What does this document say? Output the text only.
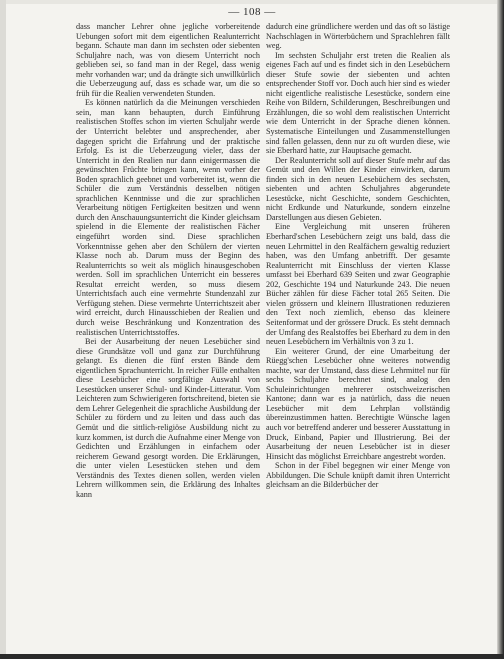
— 108 —

dass mancher Lehrer ohne jegliche vorbereitende Uebungen sofort mit dem eigentlichen Realunterricht begann. Schaute man dann im sechsten oder siebenten Schuljahre nach, was von diesem Unterricht noch geblieben sei, so fand man in der Regel, dass wenig mehr vorhanden war; und da drängte sich unwillkürlich die Ueberzeugung auf, dass es schade war, um die so früh für die Realien verwendeten Stunden.

Es können natürlich da die Meinungen verschieden sein, man kann behaupten, durch Einführung realistischen Stoffes schon im vierten Schuljahr werde der Unterricht belebter und ansprechender, aber dagegen spricht die Erfahrung und der praktische Erfolg. Es ist die Ueberzeugung vieler, dass der Unterricht in den Realien nur dann einigermassen die gewünschten Früchte bringen kann, wenn vorher der Boden sprachlich geebnet und vorbereitet ist, wenn die Schüler die zum Verständnis desselben nötigen sprachlichen Kenntnisse und die zur sprachlichen Verarbeitung nötigen Fertigkeiten besitzen und wenn durch den Anschauungsunterricht die Kinder gleichsam spielend in die Elemente der realistischen Fächer eingeführt worden sind. Diese sprachlichen Vorkenntnisse gehen aber den Schülern der vierten Klasse noch ab. Darum muss der Beginn des Realunterrichts so weit als möglich hinausgeschoben werden. Soll im sprachlichen Unterricht ein besseres Resultat erreicht werden, so muss diesem Unterrichtsfach auch eine vermehrte Stundenzahl zur Verfügung stehen. Diese vermehrte Unterrichtszeit aber wird erreicht, durch Hinausschieben der Realien und durch weise Beschränkung und Konzentration des realistischen Unterrichtsstoffes.

Bei der Ausarbeitung der neuen Lesebücher sind diese Grundsätze voll und ganz zur Durchführung gelangt. Es dienen die fünf ersten Bände dem eigentlichen Sprachunterricht. In reicher Fülle enthalten diese Lesebücher eine sorgfältige Auswahl von Lesestücken unserer Schul- und Kinder-Litteratur. Vom Leichteren zum Schwierigeren fortschreitend, bieten sie dem Lehrer Gelegenheit die sprachliche Ausbildung der Schüler zu fördern und zu leiten und dass auch das Gemüt und die sittlich-religiöse Ausbildung nicht zu kurz kommen, ist durch die Aufnahme einer Menge von Gedichten und Erzählungen in einfachem oder reicherem Gewand gesorgt worden. Die Erklärungen, die unter vielen Lesestücken stehen und dem Verständnis des Textes dienen sollen, werden vielen Lehrern willkommen sein, die Erklärung des Inhaltes kann

dadurch eine gründlichere werden und das oft so lästige Nachschlagen in Wörterbüchern und Sprachlehren fällt weg.

Im sechsten Schuljahr erst treten die Realien als eigenes Fach auf und es findet sich in den Lesebüchern dieser Stufe sowie der siebenten und achten entsprechender Stoff vor. Doch auch hier sind es wieder nicht eigentliche realistische Lesestücke, sondern eine Reihe von Bildern, Schilderungen, Beschreibungen und Erzählungen, die so wohl dem realistischen Unterricht wie dem Unterricht in der Sprache dienen können. Systematische Einteilungen und Zusammenstellungen sind fallen gelassen, denn nur zu oft wurden diese, wie sie Eberhard hatte, zur Hauptsache gemacht.

Der Realunterricht soll auf dieser Stufe mehr auf das Gemüt und den Willen der Kinder einwirken, darum finden sich in den neuen Lesebüchern des sechsten, siebenten und achten Schuljahres abgerundete Lesestücke, nicht Geschichte, sondern Geschichten, nicht Erdkunde und Naturkunde, sondern einzelne Darstellungen aus diesen Gebieten.

Eine Vergleichung mit unseren früheren Eberhard'schen Lesebüchern zeigt uns bald, dass die neuen Lehrmittel in den Realfächern gewaltig reduziert haben, was den Umfang anbetrifft. Der gesamte Realunterricht mit Einschluss der vierten Klasse umfasst bei Eberhard 639 Seiten und zwar Geographie 202, Geschichte 194 und Naturkunde 243. Die neuen Bücher zählen für diese Fächer total 265 Seiten. Die vielen grössern und kleinern Illustrationen reduzieren den Text noch ziemlich, ebenso das kleinere Seitenformat und der grössere Druck. Es steht demnach der Umfang des Realstoffes bei Eberhard zu dem in den neuen Lesebüchern im Verhältnis von 3 zu 1.

Ein weiterer Grund, der eine Umarbeitung der Rüegg'schen Lesebücher ohne weiteres notwendig machte, war der Umstand, dass diese Lehrmittel nur für sechs Schuljahre berechnet sind, analog den Schuleinrichtungen mehrerer ostschweizerischen Kantone; dann war es ja natürlich, dass die neuen Lesebücher mit dem Lehrplan vollständig übereinzustimmen hatten. Berechtigte Wünsche lagen auch vor betreffend anderer und besserer Ausstattung in Druck, Einband, Papier und Illustrierung. Bei der Ausarbeitung der neuen Lesebücher ist in dieser Hinsicht das möglichst Erreichbare angestrebt worden.

Schon in der Fibel begegnen wir einer Menge von Abbildungen. Die Schule knüpft damit ihren Unterricht gleichsam an die Bilderbücher der
